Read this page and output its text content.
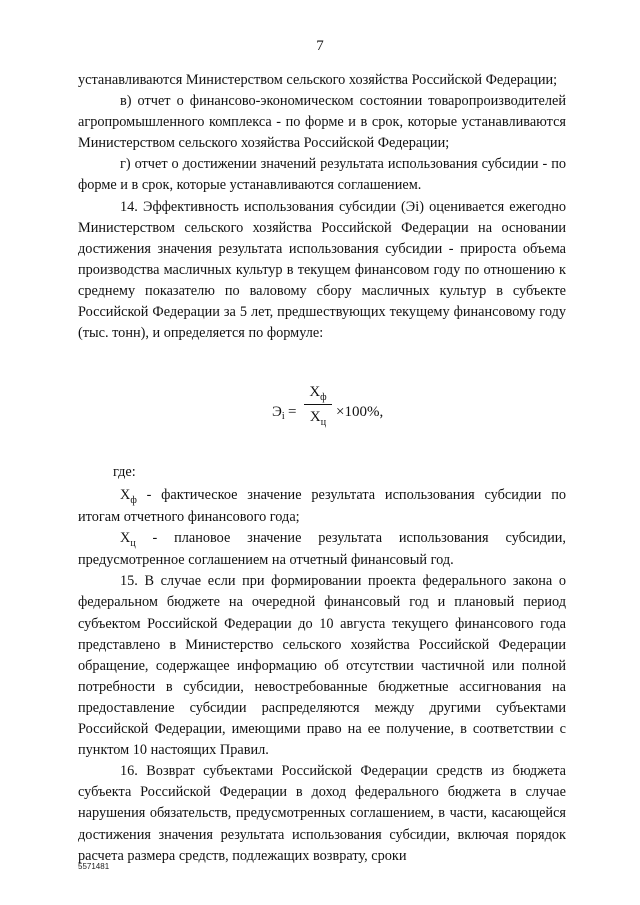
7

устанавливаются Министерством сельского хозяйства Российской Федерации;

в) отчет о финансово-экономическом состоянии товаропроизводителей агропромышленного комплекса - по форме и в срок, которые устанавливаются Министерством сельского хозяйства Российской Федерации;

г) отчет о достижении значений результата использования субсидии - по форме и в срок, которые устанавливаются соглашением.

14. Эффективность использования субсидии (Эi) оценивается ежегодно Министерством сельского хозяйства Российской Федерации на основании достижения значения результата использования субсидии - прироста объема производства масличных культур в текущем финансовом году по отношению к среднему показателю по валовому сбору масличных культур в субъекте Российской Федерации за 5 лет, предшествующих текущему финансовому году (тыс. тонн), и определяется по формуле:

$Э_i$ =
$X_ф$
$X_ц$
×100%,
где:

$X_ф$ - фактическое значение результата использования субсидии по итогам отчетного финансового года;

$X_ц$ - плановое значение результата использования субсидии, предусмотренное соглашением на отчетный финансовый год.

15. В случае если при формировании проекта федерального закона о федеральном бюджете на очередной финансовый год и плановый период субъектом Российской Федерации до 10 августа текущего финансового года представлено в Министерство сельского хозяйства Российской Федерации обращение, содержащее информацию об отсутствии частичной или полной потребности в субсидии, невостребованные бюджетные ассигнования на предоставление субсидии распределяются между другими субъектами Российской Федерации, имеющими право на ее получение, в соответствии с пунктом 10 настоящих Правил.

16. Возврат субъектами Российской Федерации средств из бюджета субъекта Российской Федерации в доход федерального бюджета в случае нарушения обязательств, предусмотренных соглашением, в части, касающейся достижения значения результата использования субсидии, включая порядок расчета размера средств, подлежащих возврату, сроки

5571481
